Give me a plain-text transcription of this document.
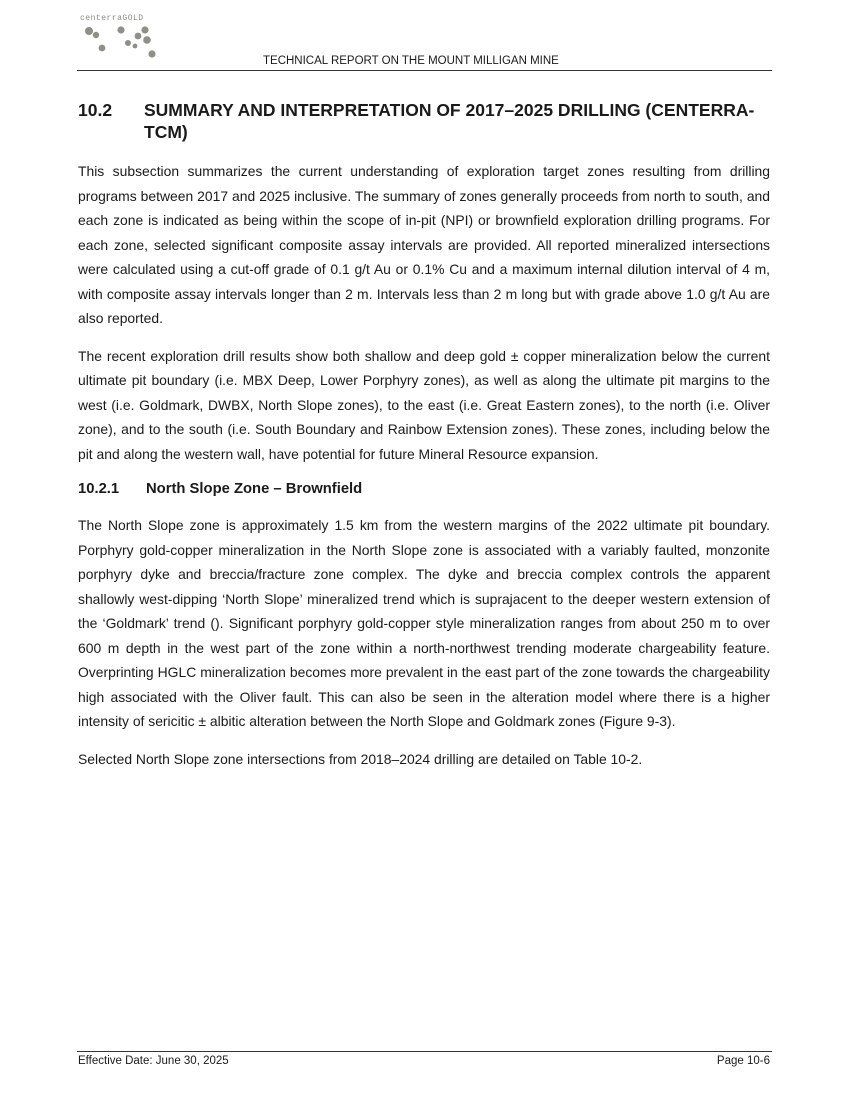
centerraGOLD
TECHNICAL REPORT ON THE MOUNT MILLIGAN MINE
10.2	SUMMARY AND INTERPRETATION OF 2017–2025 DRILLING (CENTERRA-TCM)

This subsection summarizes the current understanding of exploration target zones resulting from drilling programs between 2017 and 2025 inclusive. The summary of zones generally proceeds from north to south, and each zone is indicated as being within the scope of in-pit (NPI) or brownfield exploration drilling programs. For each zone, selected significant composite assay intervals are provided. All reported mineralized intersections were calculated using a cut-off grade of 0.1 g/t Au or 0.1% Cu and a maximum internal dilution interval of 4 m, with composite assay intervals longer than 2 m. Intervals less than 2 m long but with grade above 1.0 g/t Au are also reported.

The recent exploration drill results show both shallow and deep gold ± copper mineralization below the current ultimate pit boundary (i.e. MBX Deep, Lower Porphyry zones), as well as along the ultimate pit margins to the west (i.e. Goldmark, DWBX, North Slope zones), to the east (i.e. Great Eastern zones), to the north (i.e. Oliver zone), and to the south (i.e. South Boundary and Rainbow Extension zones). These zones, including below the pit and along the western wall, have potential for future Mineral Resource expansion.

10.2.1	North Slope Zone – Brownfield

The North Slope zone is approximately 1.5 km from the western margins of the 2022 ultimate pit boundary. Porphyry gold-copper mineralization in the North Slope zone is associated with a variably faulted, monzonite porphyry dyke and breccia/fracture zone complex. The dyke and breccia complex controls the apparent shallowly west-dipping ‘North Slope’ mineralized trend which is suprajacent to the deeper western extension of the ‘Goldmark’ trend (). Significant porphyry gold-copper style mineralization ranges from about 250 m to over 600 m depth in the west part of the zone within a north-northwest trending moderate chargeability feature. Overprinting HGLC mineralization becomes more prevalent in the east part of the zone towards the chargeability high associated with the Oliver fault. This can also be seen in the alteration model where there is a higher intensity of sericitic ± albitic alteration between the North Slope and Goldmark zones (Figure 9-3).

Selected North Slope zone intersections from 2018–2024 drilling are detailed on Table 10-2.

Effective Date: June 30, 2025	Page 10-6
